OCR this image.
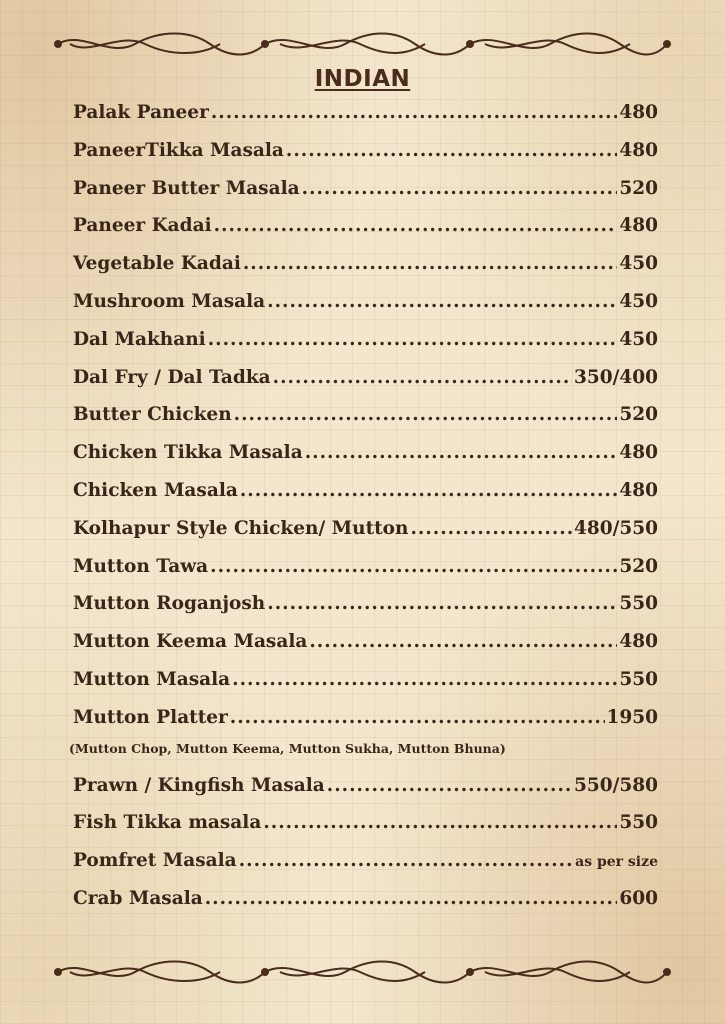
INDIAN
Palak Paneer .....	480
PaneerTikka Masala .....	480
Paneer Butter Masala .....	520
Paneer Kadai .....	480
Vegetable Kadai .....	450
Mushroom Masala .....	450
Dal Makhani .....	450
Dal Fry / Dal Tadka .....	350/400
Butter Chicken .....	520
Chicken Tikka Masala .....	480
Chicken Masala .....	480
Kolhapur Style Chicken/ Mutton .....	480/550
Mutton Tawa .....	520
Mutton Roganjosh .....	550
Mutton Keema Masala .....	480
Mutton Masala .....	550
Mutton Platter .....	1950
(Mutton Chop, Mutton Keema, Mutton Sukha, Mutton Bhuna)
Prawn / Kingfish Masala .....	550/580
Fish Tikka masala .....	550
Pomfret Masala .....	as per size
Crab Masala .....	600
